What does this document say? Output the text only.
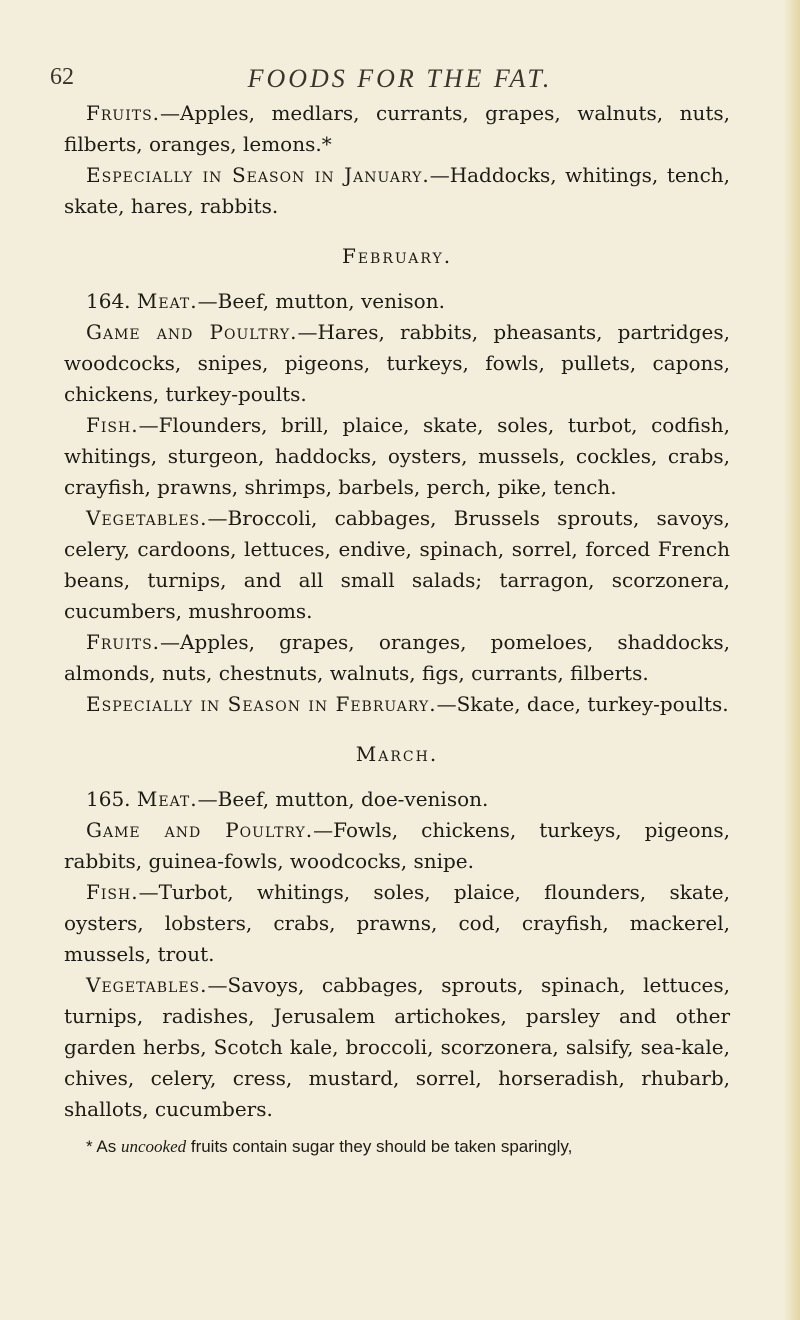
62	FOODS FOR THE FAT.

Fruits.—Apples, medlars, currants, grapes, walnuts, nuts, filberts, oranges, lemons.*

Especially in Season in January.—Haddocks, whitings, tench, skate, hares, rabbits.

February.

164. Meat.—Beef, mutton, venison.

Game and Poultry.—Hares, rabbits, pheasants, partridges, woodcocks, snipes, pigeons, turkeys, fowls, pullets, capons, chickens, turkey-poults.

Fish.—Flounders, brill, plaice, skate, soles, turbot, codfish, whitings, sturgeon, haddocks, oysters, mussels, cockles, crabs, crayfish, prawns, shrimps, barbels, perch, pike, tench.

Vegetables.—Broccoli, cabbages, Brussels sprouts, savoys, celery, cardoons, lettuces, endive, spinach, sorrel, forced French beans, turnips, and all small salads; tarragon, scorzonera, cucumbers, mushrooms.

Fruits.—Apples, grapes, oranges, pomeloes, shaddocks, almonds, nuts, chestnuts, walnuts, figs, currants, filberts.

Especially in Season in February.—Skate, dace, turkey-poults.

March.

165. Meat.—Beef, mutton, doe-venison.

Game and Poultry.—Fowls, chickens, turkeys, pigeons, rabbits, guinea-fowls, woodcocks, snipe.

Fish.—Turbot, whitings, soles, plaice, flounders, skate, oysters, lobsters, crabs, prawns, cod, crayfish, mackerel, mussels, trout.

Vegetables.—Savoys, cabbages, sprouts, spinach, lettuces, turnips, radishes, Jerusalem artichokes, parsley and other garden herbs, Scotch kale, broccoli, scorzonera, salsify, sea-kale, chives, celery, cress, mustard, sorrel, horseradish, rhubarb, shallots, cucumbers.

* As uncooked fruits contain sugar they should be taken sparingly,
